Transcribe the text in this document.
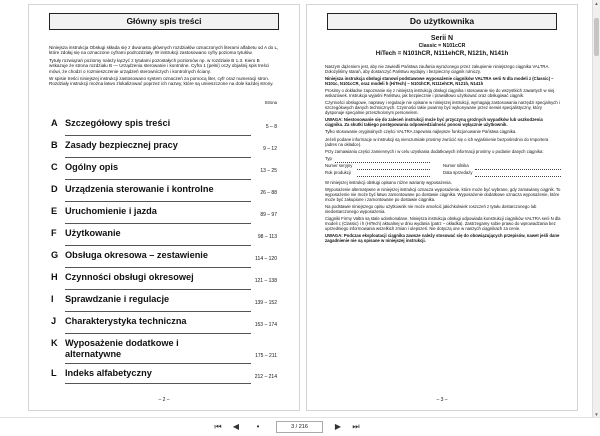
Główny spis treści

Niniejsza instrukcja Obsługi składa się z dwunastu głównych rozdziałów oznaczonych literami alfabetu od A do L, które zdołaj się na oznaczone cyframi podrozdziały. W instrukcji zastosowano cyfry pozioma tytułów.

Tytuły rozwiązań poziomy należy łączyć z tytułami pozostałych poziomów np. w rozdziale B 1.3. Kiero B wskazuje że strona rozdziału B — Urządzenia sterowanie i kontrolne. Cyfra 1 (pełni) oczy objaśnij spis treści mówi, że chodzi o rozmieszczenie urządzeń sterowniczych i kontrolnych ściany.

W spisie treści niniejszej instrukcji zastosowano system oznaczeń za pomocą liter, cyfr oraz numeracji stron. Rozdziały instrukcji można łatwo zlokalizować poprzez ich nazwy, które są umieszczone na dole każdej strony.

Strona
A Szczegółowy spis treści	5 – 8
B Zasady bezpiecznej pracy	9 – 12
C Ogólny opis	13 – 25
D Urządzenia sterowanie i kontrolne	26 – 88
E Uruchomienie i jazda	89 – 97
F Użytkowanie	98 – 113
G Obsługa okresowa – zestawienie	114 – 120
H Czynności obsługi okresowej	121 – 138
I	Sprawdzanie i regulacje	139 – 152
J Charakterystyka techniczna	153 – 174
K Wyposażenie dodatkowe i
alternatywne	175 – 211
L Indeks alfabetyczny	212 – 214
– 2 –
Do użytkownika
Serii N
Classic = N101cCR
HiTech = N101hCR, N111ehCR, N121h, N141h

Naszym dążeniem jest, aby nie zawiedli Państwa zaufania wyrażonego przez zakupienie niniejszego ciągnika VALTRA. Dołożyliśmy starań, aby dostarczyć Państwu wydajny i bezpieczny ciągnik rolniczy.

Niniejsza instrukcja obsługi stanowi podstawowe wyposażenie ciągników VALTRA serii N dla modeli z (Classic) – N101c, N101cCR, oraz modeli h (HiTech) – N101hCR, N111ehCR, N121h, N141h

Prosimy o dokładne zapoznanie się z niniejszą instrukcją obsługi ciągnika i stosowanie się do wszystkich zawartych w niej wskazówek. Instrukcja wyjaśni Państwu, jak bezpiecznie i prawidłowo użytkować oraz obsługiwać ciągnik.

Czynności obsługowe, naprawy i regulacje nie opisane w niniejszej instrukcji, wymagają zastosowania narzędzi specjalnych i szczegółowych danych technicznych. Czynności takie powinny być wykonywane przez serwis specjalistyczny, który dysponuje specjalnie przeszkolonym personelem.

UWAGA: Niestosowanie się do zaleceń instrukcji może być przyczyną groźnych wypadków lub uszkodzenia ciągnika. Za skutki takiego postępowania odpowiedzialność ponosi wyłącznie użytkownik.

Tylko stosowanie oryginalnych części VALTRA zapewnia najlepsze funkcjonowanie Państwa ciągnika.

Jeżeli podane informacje w instrukcji są nierozumiałe prosimy zwrócić się o ich wyjaśnienie bezpośrednio do Importera (adres na okładce).

Przy zamawianiu części zamiennych i w celu uzyskania dodatkowych informacji prosimy o podanie danych ciągnika:

Typ
Numer seryjny	Numer silnika
Rok produkcji	Data sprzedaży

W niniejszej instrukcji obsługi opisano różne warianty wyposażenia.

Wyposażenie alternatywne w niniejszej instrukcji oznacza wyposażenie, które może być wybrane, gdy zamawiany ciągnik. To wyposażenie nie może być łatwo zamontowane po dostawie ciągnika. Wyposażenie dodatkowe oznacza wyposażenie, które może być zakupione i zamontowane po dostawie ciągnika.

Na podstawie niniejszego opisu użytkownik nie może amościć jakichkolwiek roszczeń z tytułu dostarczonego lub niedostarczonego wyposażenia.

Ciągniki Firmy Valtra są stale udoskonalane. Niniejsza instrukcja obsługi odpowiada konstrukcji ciągników VALTRA serii N dla modeli c (Classic) i h (HiTech) aktualnej w dniu wydania (patrz – okładka). Zastrzegamy sobie prawo do wprowadzania bez uprzedniego informowania wszelkich zmian i ulepszeń. Nie dotyczą one w naszych ciągnikach za cenie.

UWAGA: Podczas eksploatacji ciągnika zawsze należy stosować się do obowiązujących przepisów, nawet jeśli dane zagadnienie nie są opisane w niniejszej instrukcji.

– 3 –
▲
▼
⏮	◀	•	3 / 216	▶	⏭
